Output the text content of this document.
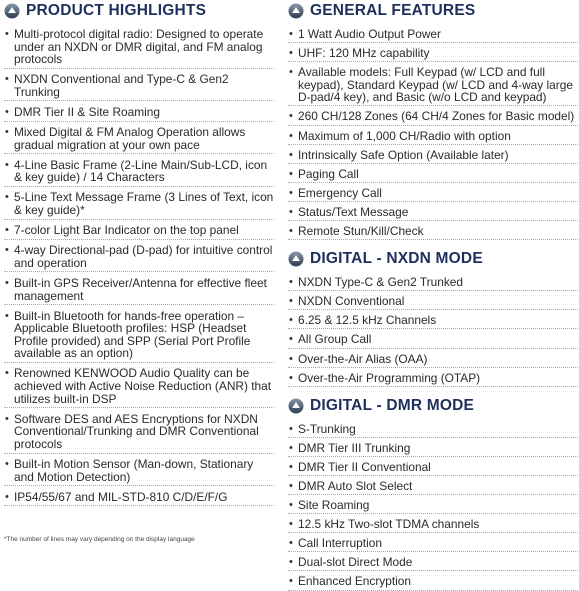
PRODUCT HIGHLIGHTS
• Multi-protocol digital radio: Designed to operate under an NXDN or DMR digital, and FM analog protocols
• NXDN Conventional and Type-C & Gen2 Trunking
• DMR Tier II & Site Roaming
• Mixed Digital & FM Analog Operation allows gradual migration at your own pace
• 4-Line Basic Frame (2-Line Main/Sub-LCD, icon & key guide) / 14 Characters
• 5-Line Text Message Frame (3 Lines of Text, icon & key guide)*
• 7-color Light Bar Indicator on the top panel
• 4-way Directional-pad (D-pad) for intuitive control and operation
• Built-in GPS Receiver/Antenna for effective fleet management
• Built-in Bluetooth for hands-free operation – Applicable Bluetooth profiles: HSP (Headset Profile provided) and SPP (Serial Port Profile available as an option)
• Renowned KENWOOD Audio Quality can be achieved with Active Noise Reduction (ANR) that utilizes built-in DSP
• Software DES and AES Encryptions for NXDN Conventional/Trunking and DMR Conventional protocols
• Built-in Motion Sensor (Man-down, Stationary and Motion Detection)
• IP54/55/67 and MIL-STD-810 C/D/E/F/G
*The number of lines may vary depending on the display language
GENERAL FEATURES
• 1 Watt Audio Output Power
• UHF: 120 MHz capability
• Available models: Full Keypad (w/ LCD and full keypad), Standard Keypad (w/ LCD and 4-way large D-pad/4 key), and Basic (w/o LCD and keypad)
• 260 CH/128 Zones (64 CH/4 Zones for Basic model)
• Maximum of 1,000 CH/Radio with option
• Intrinsically Safe Option (Available later)
• Paging Call
• Emergency Call
• Status/Text Message
• Remote Stun/Kill/Check
DIGITAL - NXDN MODE
• NXDN Type-C & Gen2 Trunked
• NXDN Conventional
• 6.25 & 12.5 kHz Channels
• All Group Call
• Over-the-Air Alias (OAA)
• Over-the-Air Programming (OTAP)
DIGITAL - DMR MODE
• S-Trunking
• DMR Tier III Trunking
• DMR Tier II Conventional
• DMR Auto Slot Select
• Site Roaming
• 12.5 kHz Two-slot TDMA channels
• Call Interruption
• Dual-slot Direct Mode
• Enhanced Encryption
